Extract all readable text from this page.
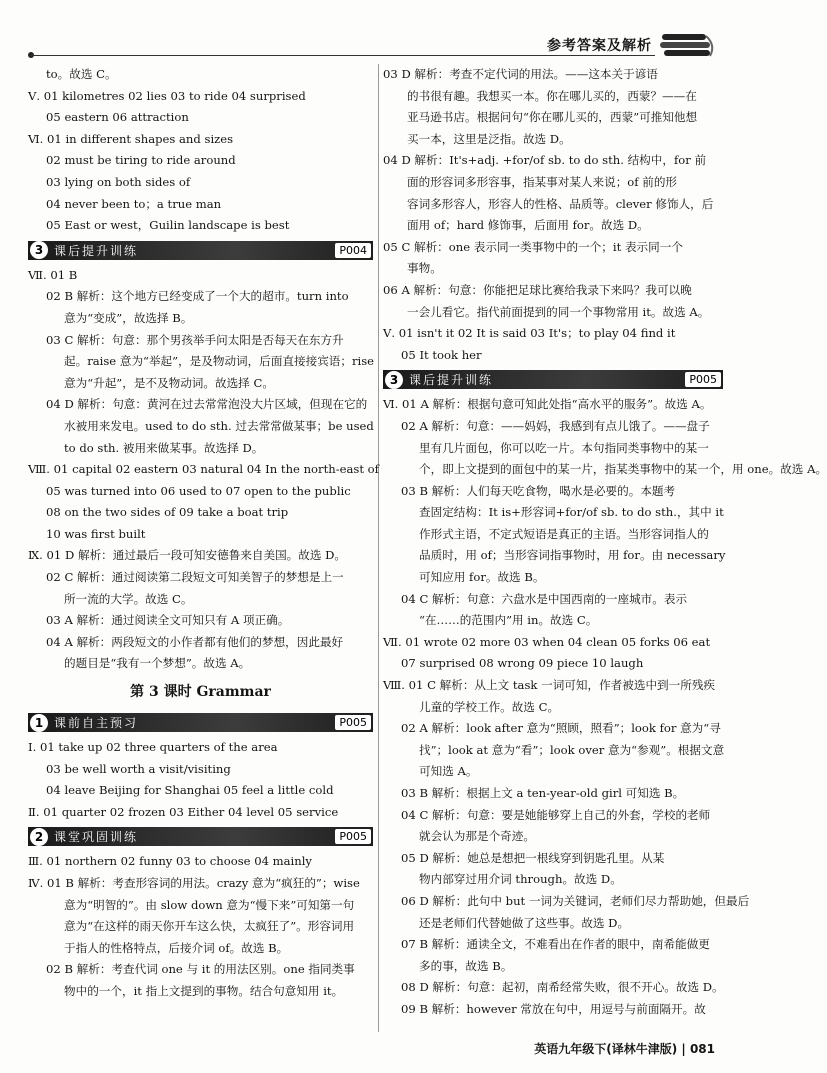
参考答案及解析
to。故选 C。
Ⅴ. 01 kilometres 02 lies 03 to ride 04 surprised
05 eastern 06 attraction
Ⅵ. 01 in different shapes and sizes
02 must be tiring to ride around
03 lying on both sides of
04 never been to；a true man
05 East or west，Guilin landscape is best
3 课后提升训练	P004
Ⅶ. 01 B
02 B 解析：这个地方已经变成了一个大的超市。turn into
意为“变成”，故选择 B。
03 C 解析：句意：那个男孩举手问太阳是否每天在东方升
起。raise 意为“举起”，是及物动词，后面直接接宾语；rise
意为“升起”，是不及物动词。故选择 C。
04 D 解析：句意：黄河在过去常常泡没大片区域，但现在它的
水被用来发电。used to do sth. 过去常常做某事；be used
to do sth. 被用来做某事。故选择 D。
Ⅷ. 01 capital 02 eastern 03 natural 04 In the north-east of
05 was turned into 06 used to 07 open to the public
08 on the two sides of 09 take a boat trip
10 was first built
Ⅸ. 01 D 解析：通过最后一段可知安德鲁来自美国。故选 D。
02 C 解析：通过阅读第二段短文可知美智子的梦想是上一
所一流的大学。故选 C。
03 A 解析：通过阅读全文可知只有 A 项正确。
04 A 解析：两段短文的小作者都有他们的梦想，因此最好
的题目是“我有一个梦想”。故选 A。
第 3 课时 Grammar
1 课前自主预习	P005
Ⅰ. 01 take up 02 three quarters of the area
03 be well worth a visit/visiting
04 leave Beijing for Shanghai 05 feel a little cold
Ⅱ. 01 quarter 02 frozen 03 Either 04 level 05 service
2 课堂巩固训练	P005
Ⅲ. 01 northern 02 funny 03 to choose 04 mainly
Ⅳ. 01 B 解析：考查形容词的用法。crazy 意为“疯狂的”；wise
意为“明智的”。由 slow down 意为“慢下来”可知第一句
意为“在这样的雨天你开车这么快，太疯狂了”。形容词用
于指人的性格特点，后接介词 of。故选 B。
02 B 解析：考查代词 one 与 it 的用法区别。one 指同类事
物中的一个，it 指上文提到的事物。结合句意知用 it。
03 D 解析：考查不定代词的用法。——这本关于谚语
的书很有趣。我想买一本。你在哪儿买的，西蒙？——在
亚马逊书店。根据问句“你在哪儿买的，西蒙”可推知他想
买一本，这里是泛指。故选 D。
04 D 解析：It's+adj. +for/of sb. to do sth. 结构中，for 前
面的形容词多形容事，指某事对某人来说；of 前的形
容词多形容人，形容人的性格、品质等。clever 修饰人，后
面用 of；hard 修饰事，后面用 for。故选 D。
05 C 解析：one 表示同一类事物中的一个；it 表示同一个
事物。
06 A 解析：句意：你能把足球比赛给我录下来吗？我可以晚
一会儿看它。指代前面提到的同一个事物常用 it。故选 A。
Ⅴ. 01 isn't it 02 It is said 03 It's；to play 04 find it
05 It took her
3 课后提升训练	P005
Ⅵ. 01 A 解析：根据句意可知此处指“高水平的服务”。故选 A。
02 A 解析：句意：——妈妈，我感到有点儿饿了。——盘子
里有几片面包，你可以吃一片。本句指同类事物中的某一
个，即上文提到的面包中的某一片，指某类事物中的某一个，用 one。故选 A。
03 B 解析：人们每天吃食物，喝水是必要的。本题考
查固定结构：It is+形容词+for/of sb. to do sth.，其中 it
作形式主语，不定式短语是真正的主语。当形容词指人的
品质时，用 of；当形容词指事物时，用 for。由 necessary
可知应用 for。故选 B。
04 C 解析：句意：六盘水是中国西南的一座城市。表示
“在……的范围内”用 in。故选 C。
Ⅶ. 01 wrote 02 more 03 when 04 clean 05 forks 06 eat
07 surprised 08 wrong 09 piece 10 laugh
Ⅷ. 01 C 解析：从上文 task 一词可知，作者被选中到一所残疾
儿童的学校工作。故选 C。
02 A 解析：look after 意为“照顾，照看”；look for 意为“寻
找”；look at 意为“看”；look over 意为“参观”。根据文意
可知选 A。
03 B 解析：根据上文 a ten-year-old girl 可知选 B。
04 C 解析：句意：要是她能够穿上自己的外套，学校的老师
就会认为那是个奇迹。
05 D 解析：她总是想把一根线穿到钥匙孔里。从某
物内部穿过用介词 through。故选 D。
06 D 解析：此句中 but 一词为关键词，老师们尽力帮助她，但最后
还是老师们代替她做了这些事。故选 D。
07 B 解析：通读全文，不难看出在作者的眼中，南希能做更
多的事，故选 B。
08 D 解析：句意：起初，南希经常失败，很不开心。故选 D。
09 B 解析：however 常放在句中，用逗号与前面隔开。故
英语九年级下(译林牛津版) | 081
